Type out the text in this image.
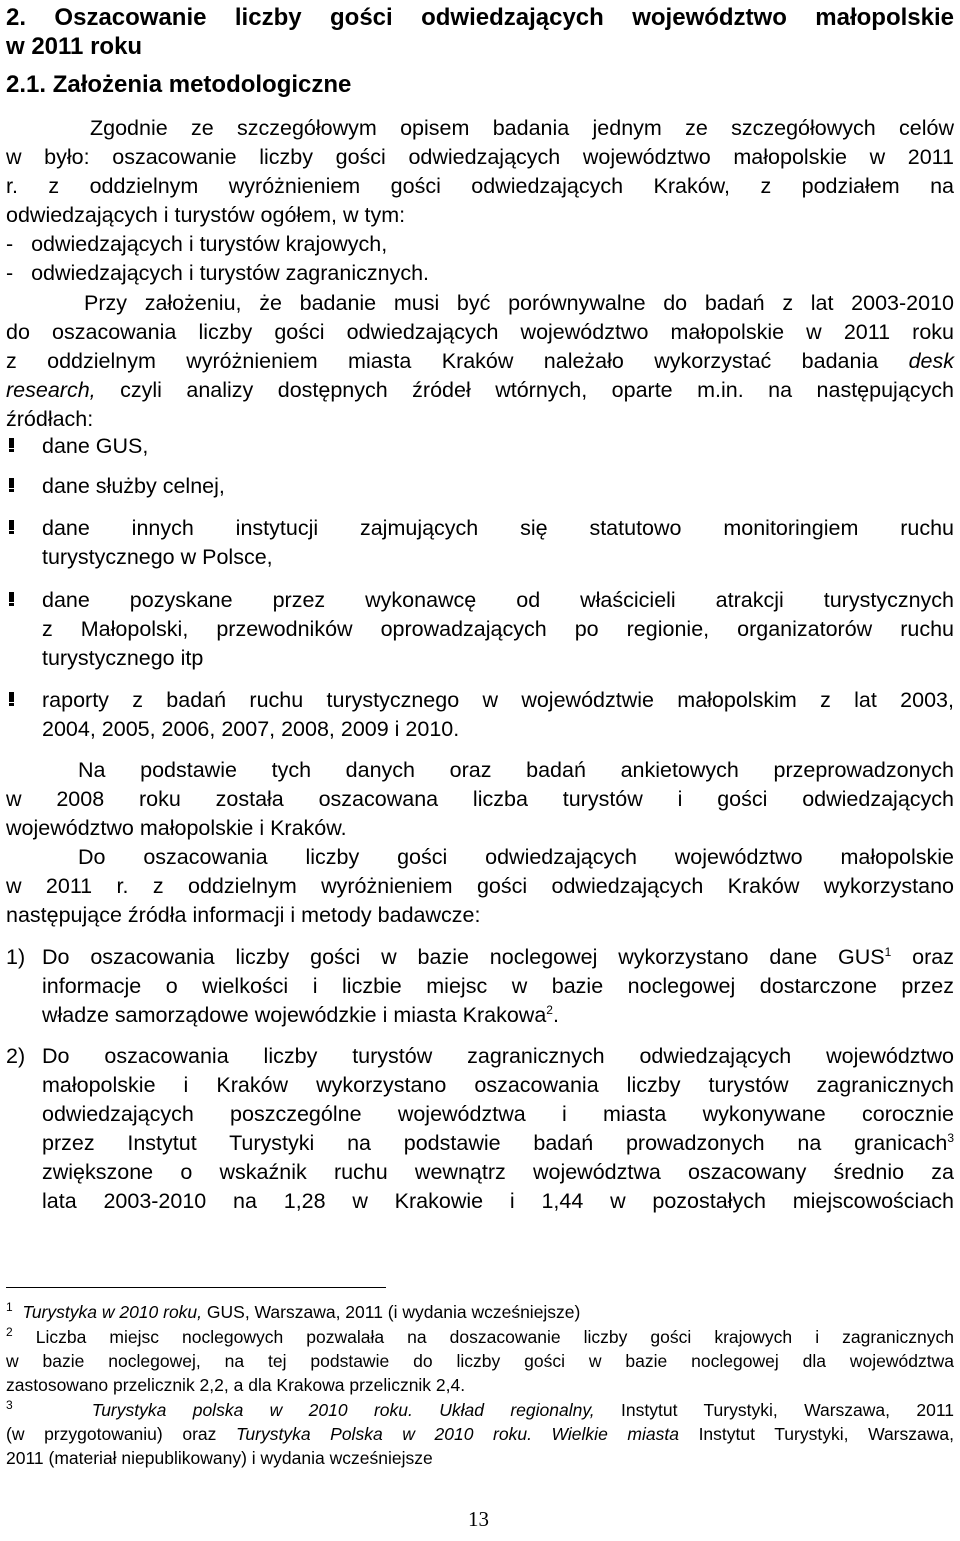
2. Oszacowanie liczby gości odwiedzających województwo małopolskie
w 2011 roku
2.1. Założenia metodologiczne
Zgodnie ze szczegółowym opisem badania jednym ze szczegółowych celów
w było: oszacowanie liczby gości odwiedzających województwo małopolskie w 2011
r. z oddzielnym wyróżnieniem gości odwiedzających Kraków, z podziałem na
odwiedzających i turystów ogółem, w tym:
-   odwiedzających i turystów krajowych,
-   odwiedzających i turystów zagranicznych.
Przy założeniu, że badanie musi być porównywalne do badań z lat 2003-2010
do oszacowania liczby gości odwiedzających województwo małopolskie w 2011 roku
z oddzielnym wyróżnieniem miasta Kraków należało wykorzystać badania desk
research, czyli analizy dostępnych źródeł wtórnych, oparte m.in. na następujących
źródłach:
dane GUS,
dane służby celnej,
dane innych instytucji zajmujących się statutowo monitoringiem ruchu
turystycznego w Polsce,
dane pozyskane przez wykonawcę od właścicieli atrakcji turystycznych
z Małopolski, przewodników oprowadzających po regionie, organizatorów ruchu
turystycznego itp
raporty z badań ruchu turystycznego w województwie małopolskim z lat 2003,
2004, 2005, 2006, 2007, 2008, 2009 i 2010.
Na podstawie tych danych oraz badań ankietowych przeprowadzonych
w 2008 roku została oszacowana liczba turystów i gości odwiedzających
województwo małopolskie i Kraków.
Do oszacowania liczby gości odwiedzających województwo małopolskie
w 2011 r. z oddzielnym wyróżnieniem gości odwiedzających Kraków wykorzystano
następujące źródła informacji i metody badawcze:
1) Do oszacowania liczby gości w bazie noclegowej wykorzystano dane GUS$^1$ oraz
informacje o wielkości i liczbie miejsc w bazie noclegowej dostarczone przez
władze samorządowe wojewódzkie i miasta Krakowa$^2$.
2) Do oszacowania liczby turystów zagranicznych odwiedzających województwo
małopolskie i Kraków wykorzystano oszacowania liczby turystów zagranicznych
odwiedzających poszczególne województwa i miasta wykonywane corocznie
przez Instytut Turystyki na podstawie badań prowadzonych na granicach$^3$
zwiększone o wskaźnik ruchu wewnątrz województwa oszacowany średnio za
lata 2003-2010 na 1,28 w Krakowie i 1,44 w pozostałych miejscowościach
$^1$ Turystyka w 2010 roku, GUS, Warszawa, 2011 (i wydania wcześniejsze)
$^2$ Liczba miejsc noclegowych pozwalała na doszacowanie liczby gości krajowych i zagranicznych
w bazie noclegowej, na tej podstawie do liczby gości w bazie noclegowej dla województwa
zastosowano przelicznik 2,2, a dla Krakowa przelicznik 2,4.
$^3$	Turystyka polska w 2010 roku. Układ regionalny, Instytut Turystyki, Warszawa, 2011
(w przygotowaniu) oraz Turystyka Polska w 2010 roku. Wielkie miasta Instytut Turystyki, Warszawa,
2011 (materiał niepublikowany) i wydania wcześniejsze
13
